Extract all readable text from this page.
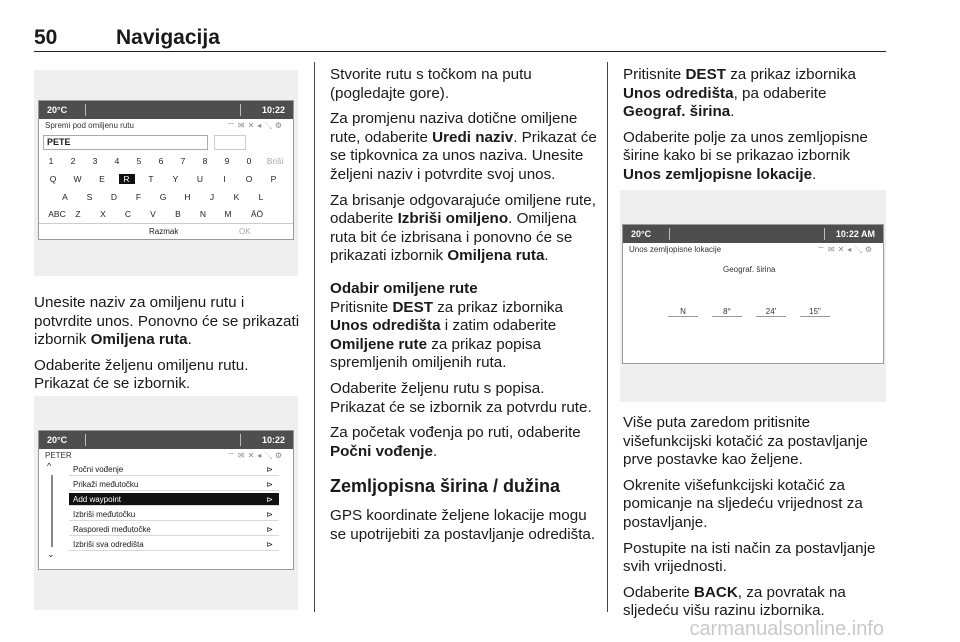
50	Navigacija
20°C	10:22
Spremi pod omiljenu rutu	⌔✉✕◂↘⚙
PETE
1	2	3	4	5	6	7	8	9	0	Briši
Q	W	E	R	T	Y	U	I	O	P
A	S	D	F	G	H	J	K	L
ABC	Z	X	C	V	B	N	M	ÄÖ
Razmak	OK

Unesite naziv za omiljenu rutu i potvrdite unos. Ponovno će se prikazati izbornik Omiljena ruta.

Odaberite željenu omiljenu rutu. Prikazat će se izbornik.

20°C	10:22
PETER	⌔✉✕◂↘⚙
^
⌄
Počni vođenje	⊳
Prikaži međutočku	⊳
Add waypoint	⊳
Izbriši međutočku	⊳
Rasporedi međutočke	⊳
Izbriši sva odredišta	⊳

Stvorite rutu s točkom na putu (pogledajte gore).

Za promjenu naziva dotične omiljene rute, odaberite Uredi naziv. Prikazat će se tipkovnica za unos naziva. Unesite željeni naziv i potvrdite svoj unos.

Za brisanje odgovarajuće omiljene rute, odaberite Izbriši omiljeno. Omiljena ruta bit će izbrisana i ponovno će se prikazati izbornik Omiljena ruta.

Odabir omiljene rute

Pritisnite DEST za prikaz izbornika Unos odredišta i zatim odaberite Omiljene rute za prikaz popisa spremljenih omiljenih ruta.

Odaberite željenu rutu s popisa. Prikazat će se izbornik za potvrdu rute.

Za početak vođenja po ruti, odaberite Počni vođenje.

Zemljopisna širina / dužina

GPS koordinate željene lokacije mogu se upotrijebiti za postavljanje odredišta.

Pritisnite DEST za prikaz izbornika Unos odredišta, pa odaberite Geograf. širina.

Odaberite polje za unos zemljopisne širine kako bi se prikazao izbornik Unos zemljopisne lokacije.

20°C	10:22 AM
Unos zemljopisne lokacije	⌔✉✕◂↘⚙
Geograf. širina
N	8°	24'	15"

Više puta zaredom pritisnite višefunkcijski kotačić za postavljanje prve postavke kao željene.

Okrenite višefunkcijski kotačić za pomicanje na sljedeću vrijednost za postavljanje.

Postupite na isti način za postavljanje svih vrijednosti.

Odaberite BACK, za povratak na sljedeću višu razinu izbornika.

carmanualsonline.info
